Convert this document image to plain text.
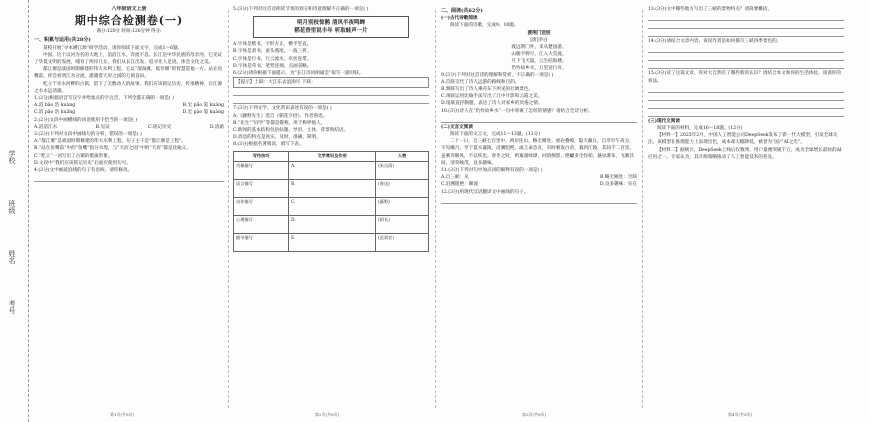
学校
班级
姓名
考号
八年级语文上册
期中综合检测卷(一)
满分:120分 时间:120分钟 得分:
一、积累与运用(共28分)

某校开展“寻本溯江源”研学活动，请你阅读下面文字，完成1～6题。

中国，这个以河为名的大地上，滔滔江水，奔流不息。长江是中华民族的母亲河，它见证了华夏文明的发展，哺育了两岸儿女，我们从长江出发，追寻先人足迹，体会文化之美。

都江堰是战国时期修建的伟大水利工程，它以“深淘滩，低作堰”的智慧造福一方。站在鱼嘴前，你会看到江水分流，灌溉着天府之国的万顷良田。

屹立于赤水河畔的古镇，留下了无数动人的故事。我们应该铭记历史，传承精神，让江源之水永远清澈。

1.(2分)根据语音写汉字并给加点的字注音，下列全都正确的一项是( )

A.滔 bāo 浩 kuàng	B.宏 pǎo 裂 kuàng
C.滔 pāo 浩 kuǎng	D.宏 pào 裂 kuàng

2.(2分)文段中画横线的词语使用不恰当的一项是( )

A.滔滔江水	B.见证	C.铭记历史	D.清澈

3.(2分)下列对文段中画线句的分析，错误的一项是( )

A.“都江堰”是战国时期修建的伟大水利工程，句子主干是“都江堰是工程”。

B.“站在鱼嘴前”中的“鱼嘴”指分水堤，与“天府之国”中的“天府”都是比喻义。

C.“屹立”一词写出了古镇的挺拔形象。

D.文段中“我们应该铭记历史”后面应使用句号。

4.(2分)文中画波浪线的句子有语病，请你修改。

第1页(共8页)

5.(3分)下列对这首诗朗读节奏的划分和诗意理解不正确的一项是( )

明月别枝惊鹊 清风半夜鸣蝉
稻花香里说丰年 听取蛙声一片

A.字体是楷书，字形方正，横平竖直。

B.字体是隶书，蚕头燕尾，一波三折。

C.字体是行书，行云流水，牵丝连带。

D.字体是草书，笔势连绵，点画省略。

6.(2分)请你根据下面提示，为“长江诗词朗诵会”拟写一副对联。

【提示】上联：大江东去浪淘尽 下联：

7.(3分)下列文学、文化常识表述有误的一项是( )

A.《藤野先生》选自《朝花夕拾》，作者鲁迅。

B.“先生”“同学”等都是敬称，用于称呼他人。

C.新闻的基本结构包括标题、导语、主体、背景和结语。

D.消息的特点是真实、及时、准确、简明。

8.(3分)根据名著阅读，填写下表。

写作技巧	文学常识及作用	人物
肖像描写	A.	(朱自清)
语言描写	B.	(鲁迅)
动作描写	C.	(藤野)
心理描写	D.	(阿长)
细节描写	E.	(范爱农)
第2页(共8页)
二、阅读(共62分)

(一)古代诗歌阅读

阅读下面的诗歌，完成9、10题。

渡荆门送别
[唐]李白
渡远荆门外，来从楚国游。
山随平野尽，江入大荒流。
月下飞天镜，云生结海楼。
仍怜故乡水，万里送行舟。

9.(3分)下列对这首诗的理解和赏析，不正确的一项是( )

A.首联交代了诗人远游的路线和目的。

B.颔联写出了诗人乘舟东下所见的壮阔景色。

C.颈联运用比喻手法写出了江中月影和云霞之美。

D.尾联直抒胸臆，表达了诗人对家乡的厌倦之情。

10.(3分)诗人在“仍怜故乡水”一句中寄寓了怎样的情感？请结合全诗分析。

(二)文言文阅读

阅读下面的文言文，完成11～13题。(12分)

二十一日，自三峡七百里中，两岸连山，略无阙处。重岩叠嶂，隐天蔽日，自非亭午夜分，不见曦月。至于夏水襄陵，沿溯阻绝。或王命急宣，有时朝发白帝，暮到江陵，其间千二百里，虽乘奔御风，不以疾也。春冬之时，则素湍绿潭，回清倒影，绝巘多生怪柏，悬泉瀑布，飞漱其间，清荣峻茂，良多趣味。

11.(3分)下列对句中加点词的解释有误的一项是( )

A.自三峡：从	B.略无阙处：空缺
C.沿溯阻绝：顺流	D.良多趣味：实在

12.(3分)用现代汉语翻译文中画线的句子。

第3页(共8页)

13.(3分)文中哪些地方写出了三峡的景物特点？请简要概括。

14.(3分)请结合文章内容，说说作者是如何描写三峡四季景色的。

15.(3分)读了这篇文章，你对大自然有了哪些新的认识？请结合本文和你的生活体验，谈谈你的看法。

(三)现代文阅读

阅读下面的材料，完成16～18题。(12分)

【材料一】2025年2月，中国人工智能公司DeepSeek发布了新一代大模型，引发全球关注。该模型在推理能力上表现出色，成本却大幅降低，被誉为“国产AI之光”。

【材料二】据统计，DeepSeek上线后仅数周，用户量便突破千万，成为全球增长最快的AI应用之一。专家认为，其开源策略推动了人工智能技术的普及。

第4页(共8页)
